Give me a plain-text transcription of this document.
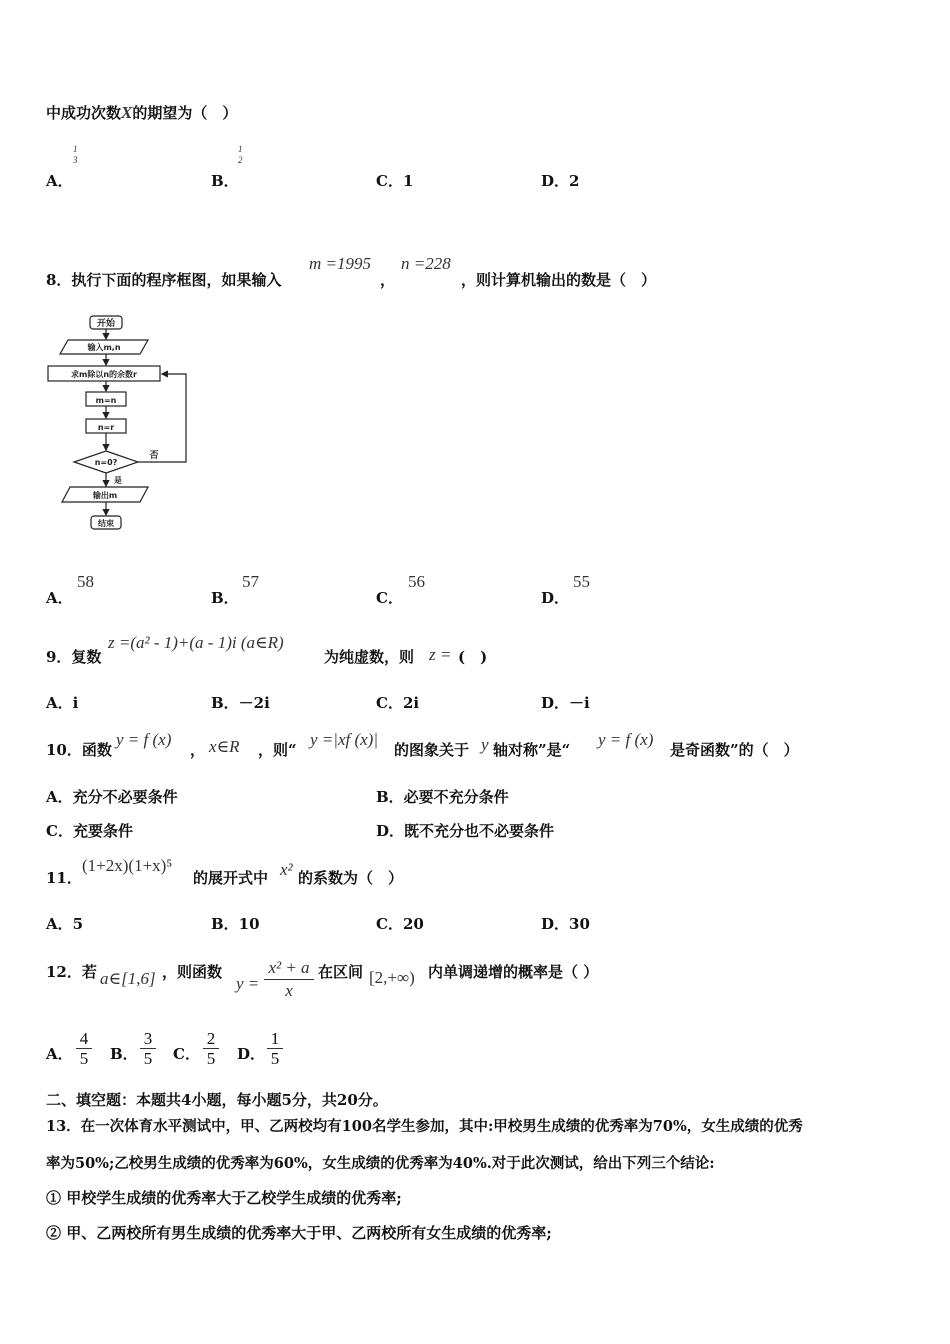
中成功次数X的期望为（　）
A．
1
3
B．
1
2
C．1	D．2
8．执行下面的程序框图，如果输入
m =1995
，
n =228
，则计算机输出的数是（　）
开始
输入m,n
求m除以n的余数r
m=n
n=r
n=0?
否
是
输出m
结束
A．
58
B．
57
C．
56
D．
55
9．复数
z =(a² - 1)+(a - 1)i (a∈R)
为纯虚数，则 z = (　)
A．i	B．－2i	C．2i	D．－i
10．函数
y = f (x)
， x∈R ，则“
y =|xf (x)|
的图象关于 y 轴对称”是“
y = f (x)
是奇函数”的（　）
A．充分不必要条件	B．必要不充分条件
C．充要条件	D．既不充分也不必要条件
11．
(1+2x)(1+x)⁵
的展开式中 x² 的系数为（　）
A．5	B．10	C．20	D．30
12．若 a∈[1,6] ，则函数
$y = \frac{\text{x² + a}}{x}$ 在区间 [2,+∞) 内单调递增的概率是（ ）
A． $\frac{4}{5}$ B． $\frac{3}{5}$ C． $\frac{2}{5}$ D． $\frac{1}{5}$
二、填空题：本题共4小题，每小题5分，共20分。
13．在一次体育水平测试中，甲、乙两校均有100名学生参加，其中:甲校男生成绩的优秀率为70%，女生成绩的优秀
率为50%;乙校男生成绩的优秀率为60%，女生成绩的优秀率为40%.对于此次测试，给出下列三个结论:
① 甲校学生成绩的优秀率大于乙校学生成绩的优秀率;
② 甲、乙两校所有男生成绩的优秀率大于甲、乙两校所有女生成绩的优秀率;
